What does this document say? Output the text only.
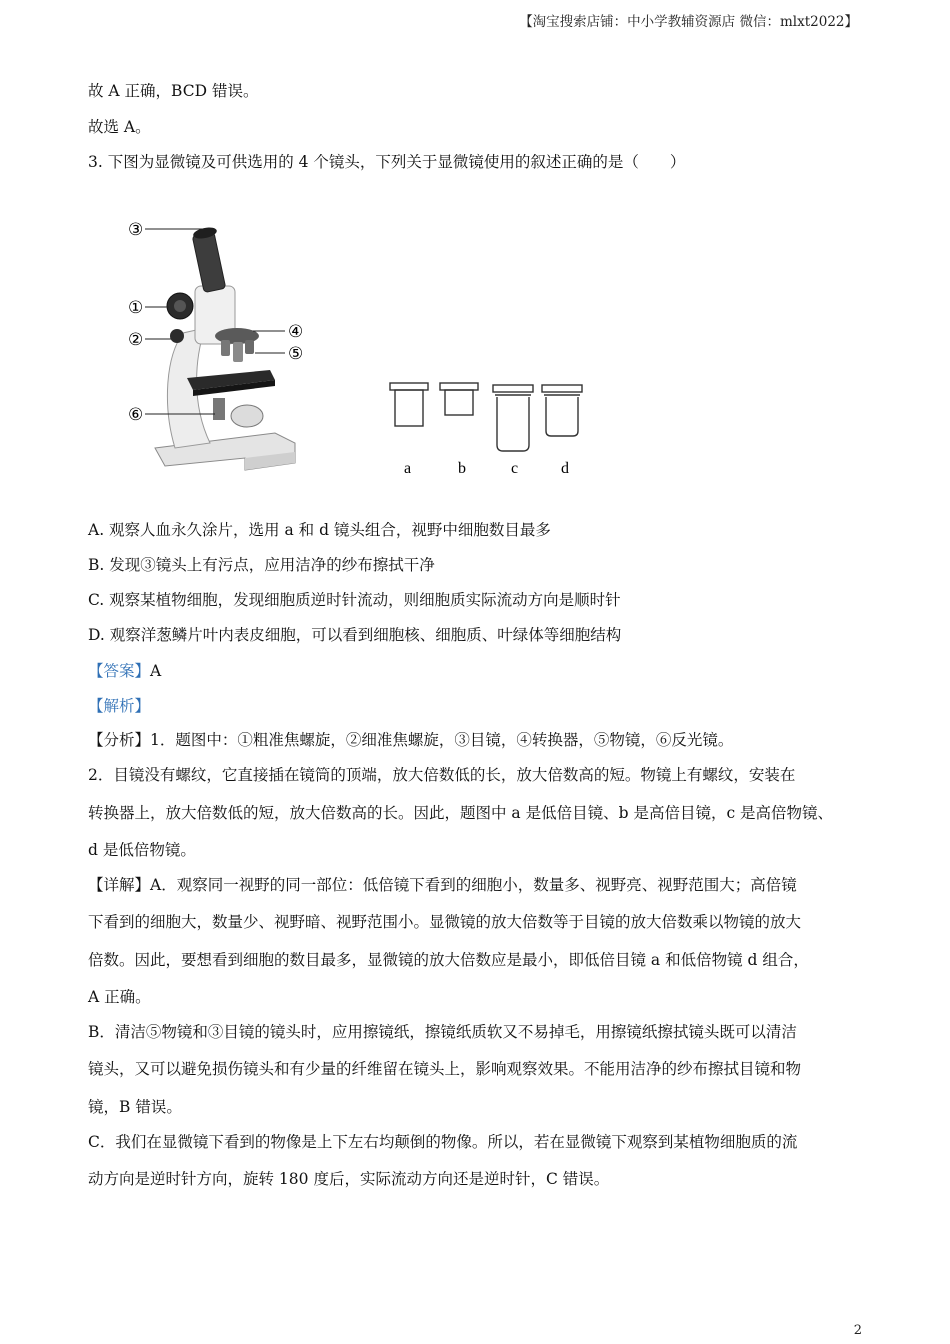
【淘宝搜索店铺：中小学教辅资源店 微信：mlxt2022】
故 A 正确，BCD 错误。
故选 A。
3. 下图为显微镜及可供选用的 4 个镜头，下列关于显微镜使用的叙述正确的是（　　）
③
①
②
⑥
④
⑤
a	b	c	d
A. 观察人血永久涂片，选用 a 和 d 镜头组合，视野中细胞数目最多
B. 发现③镜头上有污点，应用洁净的纱布擦拭干净
C. 观察某植物细胞，发现细胞质逆时针流动，则细胞质实际流动方向是顺时针
D. 观察洋葱鳞片叶内表皮细胞，可以看到细胞核、细胞质、叶绿体等细胞结构
【答案】A
【解析】
【分析】1．题图中：①粗准焦螺旋，②细准焦螺旋，③目镜，④转换器，⑤物镜，⑥反光镜。
2．目镜没有螺纹，它直接插在镜筒的顶端，放大倍数低的长，放大倍数高的短。物镜上有螺纹，安装在
转换器上，放大倍数低的短，放大倍数高的长。因此，题图中 a 是低倍目镜、b 是高倍目镜，c 是高倍物镜、
d 是低倍物镜。
【详解】A．观察同一视野的同一部位：低倍镜下看到的细胞小，数量多、视野亮、视野范围大；高倍镜
下看到的细胞大，数量少、视野暗、视野范围小。显微镜的放大倍数等于目镜的放大倍数乘以物镜的放大
倍数。因此，要想看到细胞的数目最多，显微镜的放大倍数应是最小，即低倍目镜 a 和低倍物镜 d 组合，
A 正确。
B．清洁⑤物镜和③目镜的镜头时，应用擦镜纸，擦镜纸质软又不易掉毛，用擦镜纸擦拭镜头既可以清洁
镜头，又可以避免损伤镜头和有少量的纤维留在镜头上，影响观察效果。不能用洁净的纱布擦拭目镜和物
镜，B 错误。
C．我们在显微镜下看到的物像是上下左右均颠倒的物像。所以，若在显微镜下观察到某植物细胞质的流
动方向是逆时针方向，旋转 180 度后，实际流动方向还是逆时针，C 错误。
2
